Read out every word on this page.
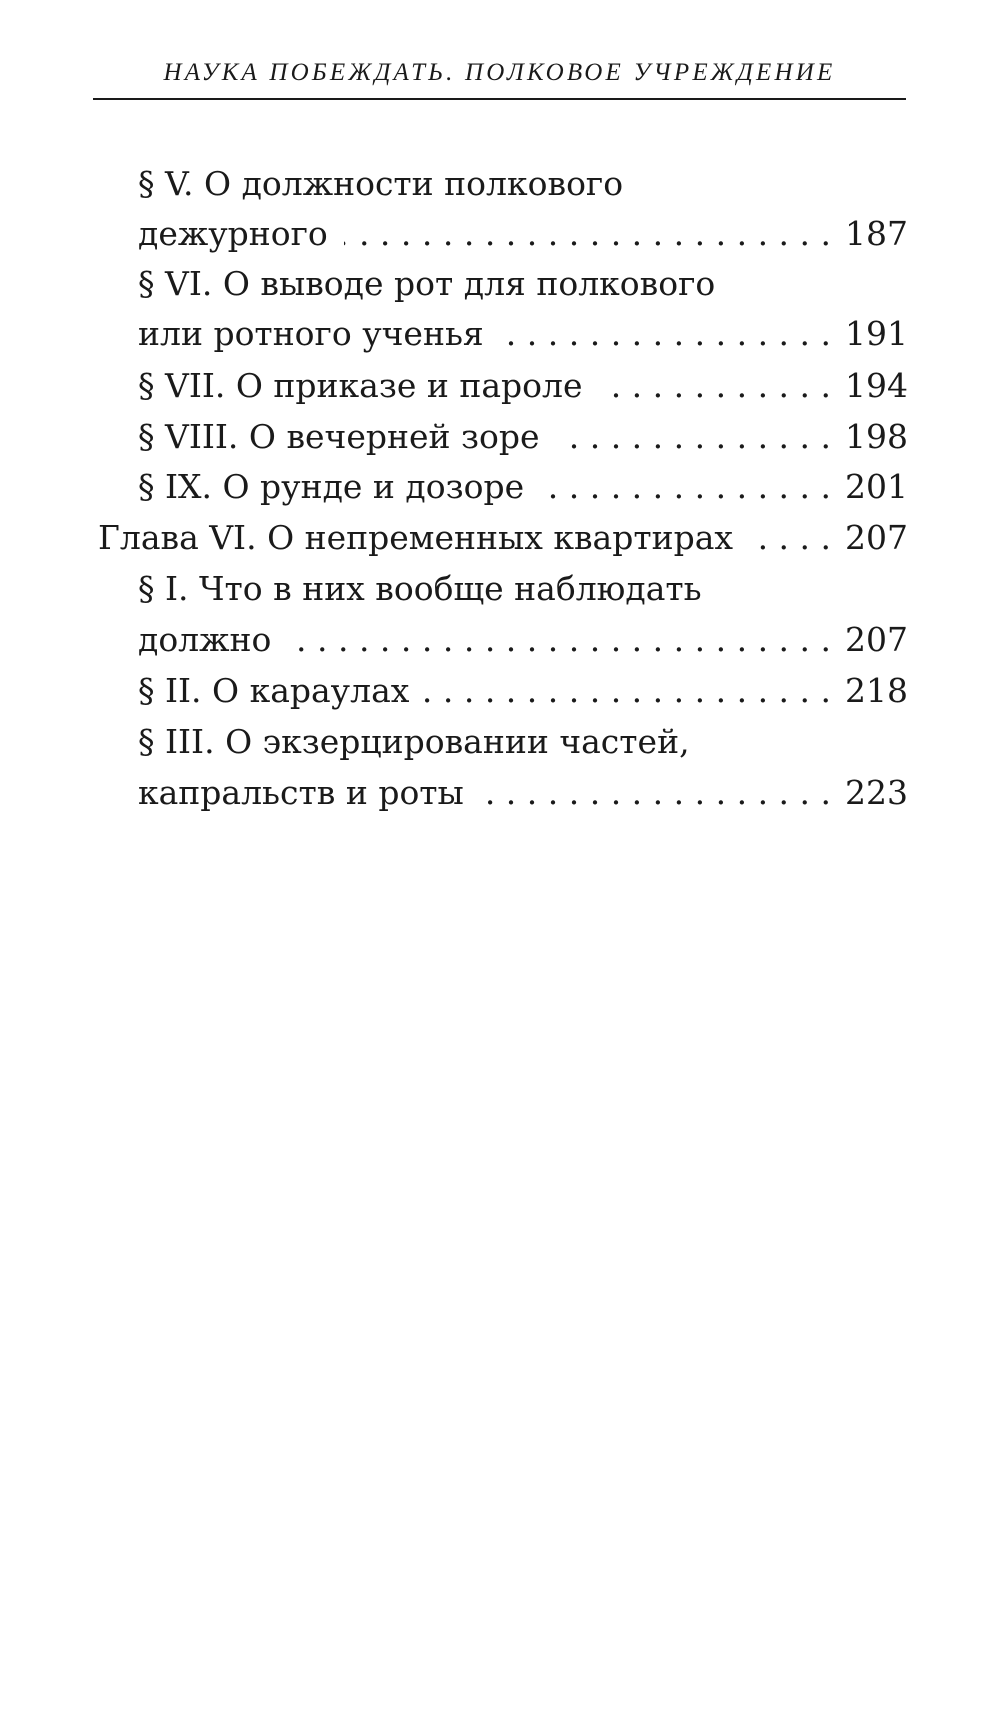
НАУКА ПОБЕЖДАТЬ. ПОЛКОВОЕ УЧРЕЖДЕНИЕ
§ V. О должности полкового
дежурного . . .	187
§ VI. О выводе рот для полкового
или ротного ученья . . .	191
§ VII. О приказе и пароле . . .	194
§ VIII. О вечерней зоре . . .	198
§ IX. О рунде и дозоре . . .	201
Глава VI. О непременных квартирах . . .	207
§ I. Что в них вообще наблюдать
должно . . .	207
§ II. О караулах . . .	218
§ III. О экзерцировании частей,
капральств и роты . . .	223
